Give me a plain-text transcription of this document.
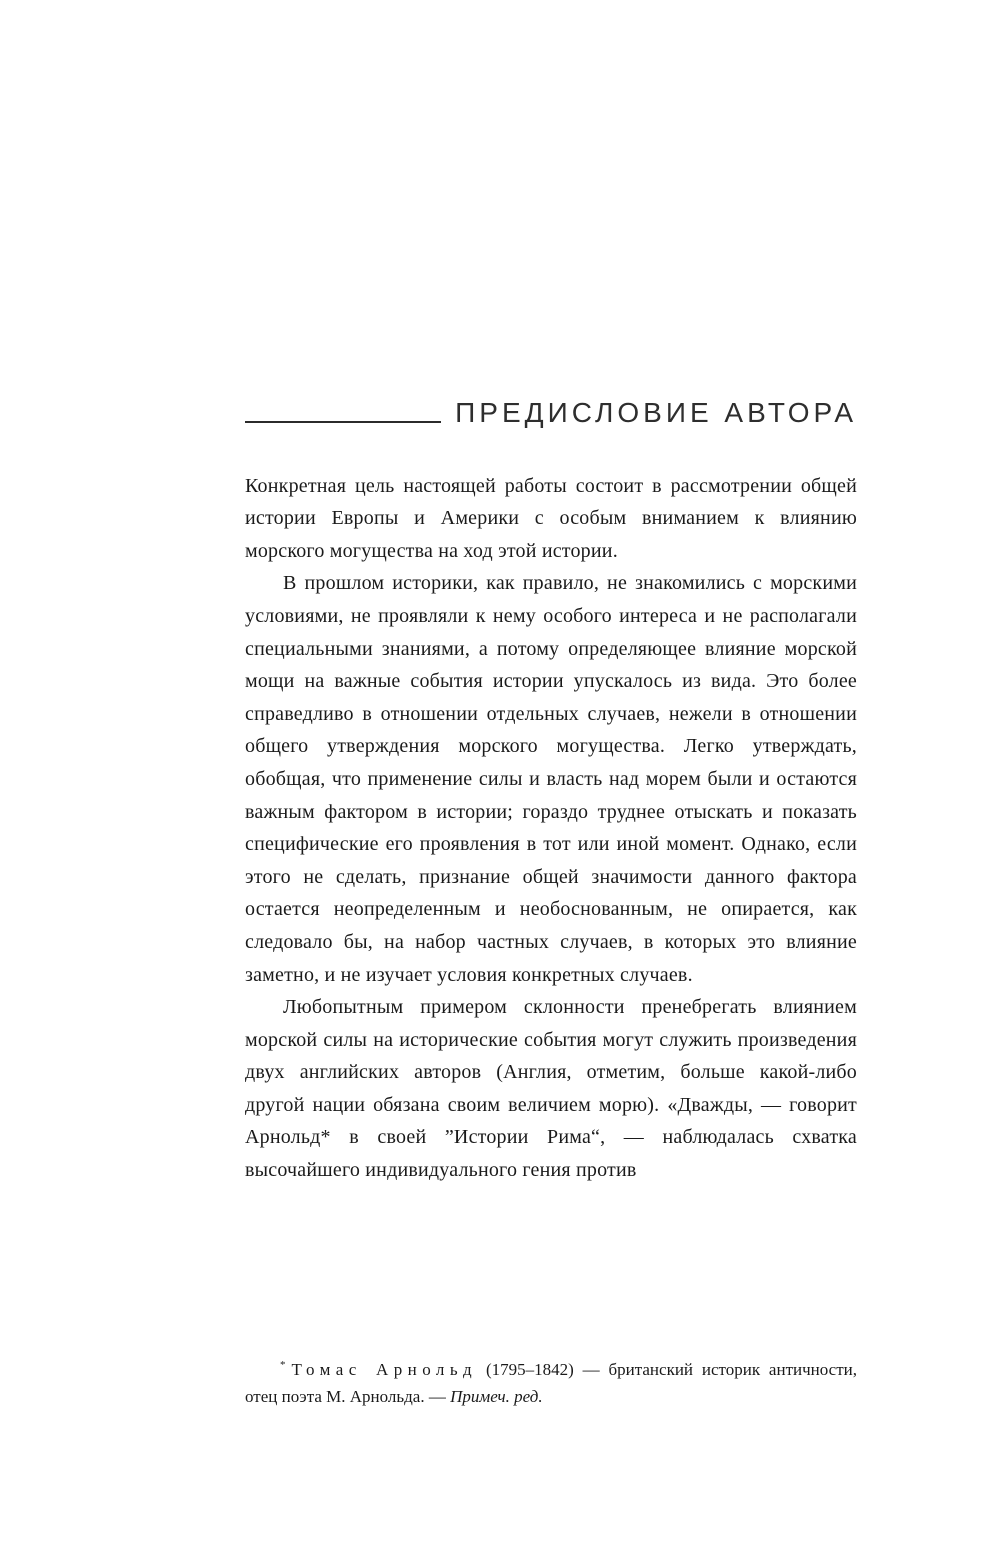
ПРЕДИСЛОВИЕ АВТОРА

Конкретная цель настоящей работы состоит в рассмотрении общей истории Европы и Америки с особым вниманием к влиянию морского могущества на ход этой истории.

В прошлом историки, как правило, не знакомились с морскими условиями, не проявляли к нему особого интереса и не располагали специальными знаниями, а потому определяющее влияние морской мощи на важные события истории упускалось из вида. Это более справедливо в отношении отдельных случаев, нежели в отношении общего утверждения морского могущества. Легко утверждать, обобщая, что применение силы и власть над морем были и остаются важным фактором в истории; гораздо труднее отыскать и показать специфические его проявления в тот или иной момент. Однако, если этого не сделать, признание общей значимости данного фактора остается неопределенным и необоснованным, не опирается, как следовало бы, на набор частных случаев, в которых это влияние заметно, и не изучает условия конкретных случаев.

Любопытным примером склонности пренебрегать влиянием морской силы на исторические события могут служить произведения двух английских авторов (Англия, отметим, больше какой-либо другой нации обязана своим величием морю). «Дважды, — говорит Арнольд* в своей ”Истории Рима“, — наблюдалась схватка высочайшего индивидуального гения против

* Томас Арнольд (1795–1842) — британский историк античности, отец поэта М. Арнольда. — Примеч. ред.
